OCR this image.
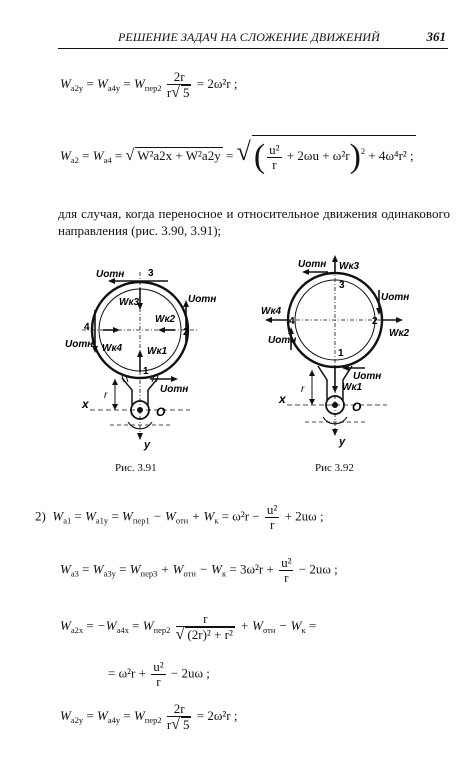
РЕШЕНИЕ ЗАДАЧ НА СЛОЖЕНИЕ ДВИЖЕНИЙ	361
$W_{a2y} = W_{a4y} = W_{пер2} \frac{2r}{r√ 5} = 2\omega^2r$ ;
$W_{a2} = W_{a4}$ = √ W²a2x + W²a2y = √( $\frac{\text{u²}}{r} + 2\omega u + \omega^2r)^2 + 4\omega^4r^2$ ;
для случая, когда переносное и относительное движения одинакового направления (рис. 3.90, 3.91);
Uотн 3
Wк3	Uотн
Wк2
2
4
Uотн Wк4 Wк1
1
Uотн
r
x
O
y
Uотн Wк3
3
Uотн
Wк4
4	2
Uотн
Wк2
1
Uотн
Wк1
r
x
O
y
Рис. 3.91	Рис 3.92
2) $W_{a1} = W_{a1y} = W_{пер1} - W_{отн} + W_к = \omega^2r - \frac{\text{u²}}{r} + 2u\omega$ ;
$W_{a3} = W_{a3y} = W_{пер3} + W_{отн} - W_к = 3\omega^2r + \frac{\text{u²}}{r} - 2u\omega$ ;
$W_{a2x} = -W_{a4x} = W_{пер2} \frac{r}{\text{√ (2r)² + r²}} + W_{отн} - W_к$ =
= $\omega^2r + \frac{\text{u²}}{r} - 2u\omega$ ;
$W_{a2y} = W_{a4y} = W_{пер2} \frac{2r}{r√ 5} = 2\omega^2r$ ;
